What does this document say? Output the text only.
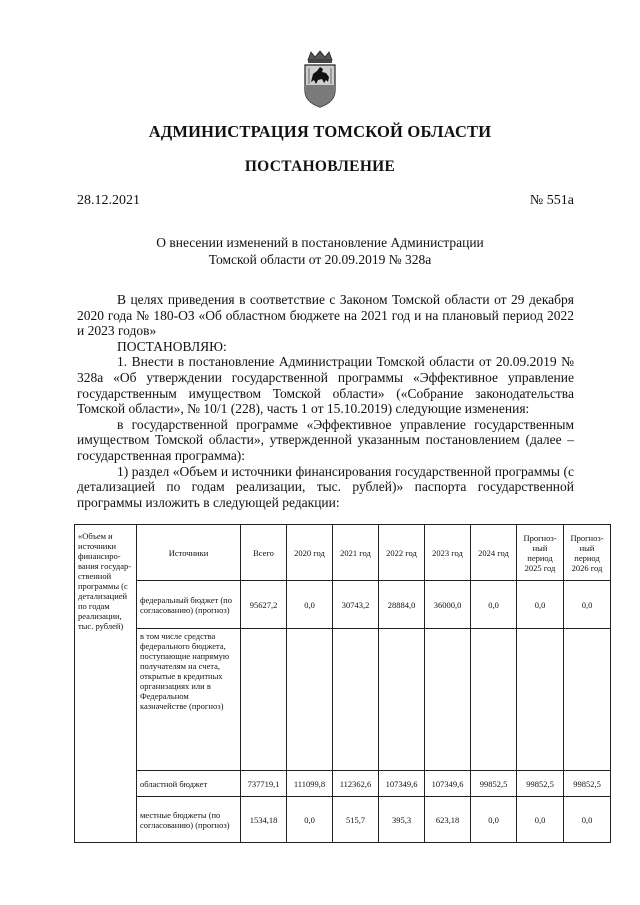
АДМИНИСТРАЦИЯ ТОМСКОЙ ОБЛАСТИ
ПОСТАНОВЛЕНИЕ
28.12.2021	№ 551а
О внесении изменений в постановление Администрации
Томской области от 20.09.2019 № 328а

В целях приведения в соответствие с Законом Томской области от 29 декабря 2020 года № 180-ОЗ «Об областном бюджете на 2021 год и на плановый период 2022 и 2023 годов»

ПОСТАНОВЛЯЮ:

1. Внести в постановление Администрации Томской области от 20.09.2019 № 328а «Об утверждении государственной программы «Эффективное управление государственным имуществом Томской области» («Собрание законодательства Томской области», № 10/1 (228), часть 1 от 15.10.2019) следующие изменения:

в государственной программе «Эффективное управление государственным имуществом Томской области», утвержденной указанным постановлением (далее – государственная программа):

1) раздел «Объем и источники финансирования государственной программы (с детализацией по годам реализации, тыс. рублей)» паспорта государственной программы изложить в следующей редакции:

«Объем и источники финансиро-вания государ-ственной программы (с детализацией по годам реализации, тыс. рублей)	Источники	Всего	2020 год	2021 год	2022 год	2023 год	2024 год	Прогноз-ный период 2025 год	Прогноз-ный период 2026 год
	федеральный бюджет (по согласованию) (прогноз)	95627,2	0,0	30743,2	28884,0	36000,0	0,0	0,0	0,0
	в том числе средства федерального бюджета, поступающие напрямую получателям на счета, открытые в кредитных организациях или в Федеральном казначействе (прогноз)								
	областной бюджет	737719,1	111099,8	112362,6	107349,6	107349,6	99852,5	99852,5	99852,5
	местные бюджеты (по согласованию) (прогноз)	1534,18	0,0	515,7	395,3	623,18	0,0	0,0	0,0
